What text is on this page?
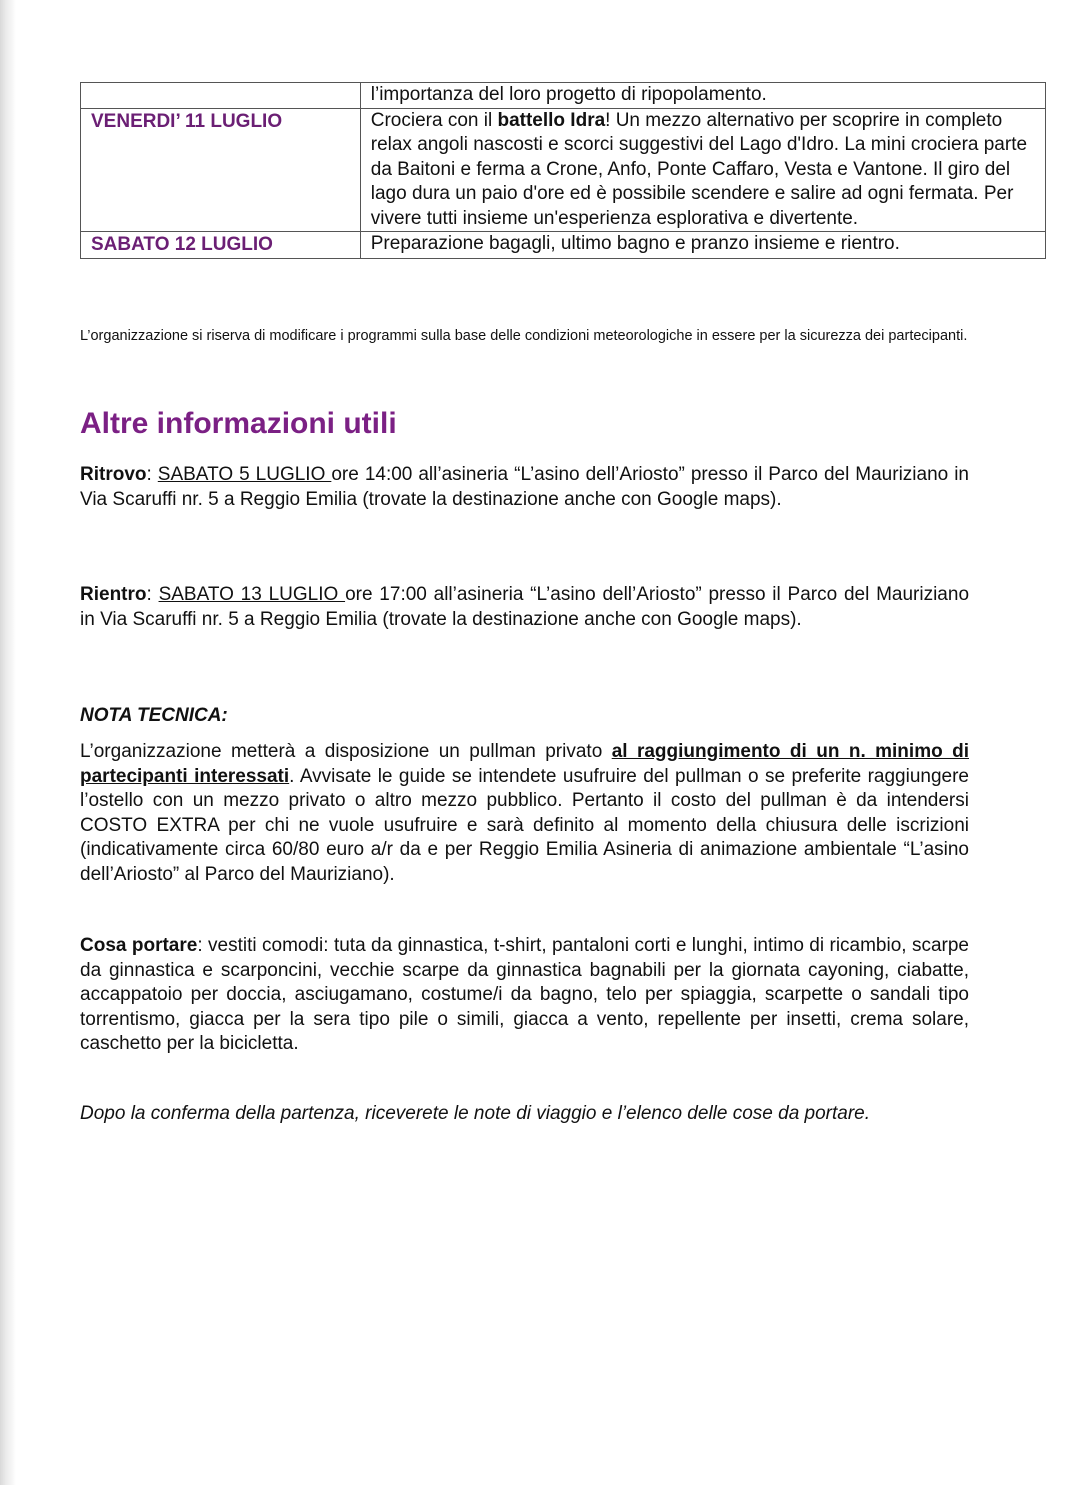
	l’importanza del loro progetto di ripopolamento.
VENERDI’ 11 LUGLIO	Crociera con il battello Idra! Un mezzo alternativo per scoprire in completo relax angoli nascosti e scorci suggestivi del Lago d'Idro. La mini crociera parte da Baitoni e ferma a Crone, Anfo, Ponte Caffaro, Vesta e Vantone. Il giro del lago dura un paio d'ore ed è possibile scendere e salire ad ogni fermata. Per vivere tutti insieme un'esperienza esplorativa e divertente.
SABATO 12 LUGLIO	Preparazione bagagli, ultimo bagno e pranzo insieme e rientro.

L’organizzazione si riserva di modificare i programmi sulla base delle condizioni meteorologiche in essere per la sicurezza dei partecipanti.

Altre informazioni utili

Ritrovo: SABATO 5 LUGLIO ore 14:00 all’asineria “L’asino dell’Ariosto” presso il Parco del Mauriziano in Via Scaruffi nr. 5 a Reggio Emilia (trovate la destinazione anche con Google maps).

Rientro: SABATO 13 LUGLIO ore 17:00 all’asineria “L’asino dell’Ariosto” presso il Parco del Mauriziano in Via Scaruffi nr. 5 a Reggio Emilia (trovate la destinazione anche con Google maps).

NOTA TECNICA:

L’organizzazione metterà a disposizione un pullman privato al raggiungimento di un n. minimo di partecipanti interessati. Avvisate le guide se intendete usufruire del pullman o se preferite raggiungere l’ostello con un mezzo privato o altro mezzo pubblico. Pertanto il costo del pullman è da intendersi COSTO EXTRA per chi ne vuole usufruire e sarà definito al momento della chiusura delle iscrizioni (indicativamente circa 60/80 euro a/r da e per Reggio Emilia Asineria di animazione ambientale “L’asino dell’Ariosto” al Parco del Mauriziano).

Cosa portare: vestiti comodi: tuta da ginnastica, t-shirt, pantaloni corti e lunghi, intimo di ricambio, scarpe da ginnastica e scarponcini, vecchie scarpe da ginnastica bagnabili per la giornata cayoning, ciabatte, accappatoio per doccia, asciugamano, costume/i da bagno, telo per spiaggia, scarpette o sandali tipo torrentismo, giacca per la sera tipo pile o simili, giacca a vento, repellente per insetti, crema solare, caschetto per la bicicletta.

Dopo la conferma della partenza, riceverete le note di viaggio e l’elenco delle cose da portare.
